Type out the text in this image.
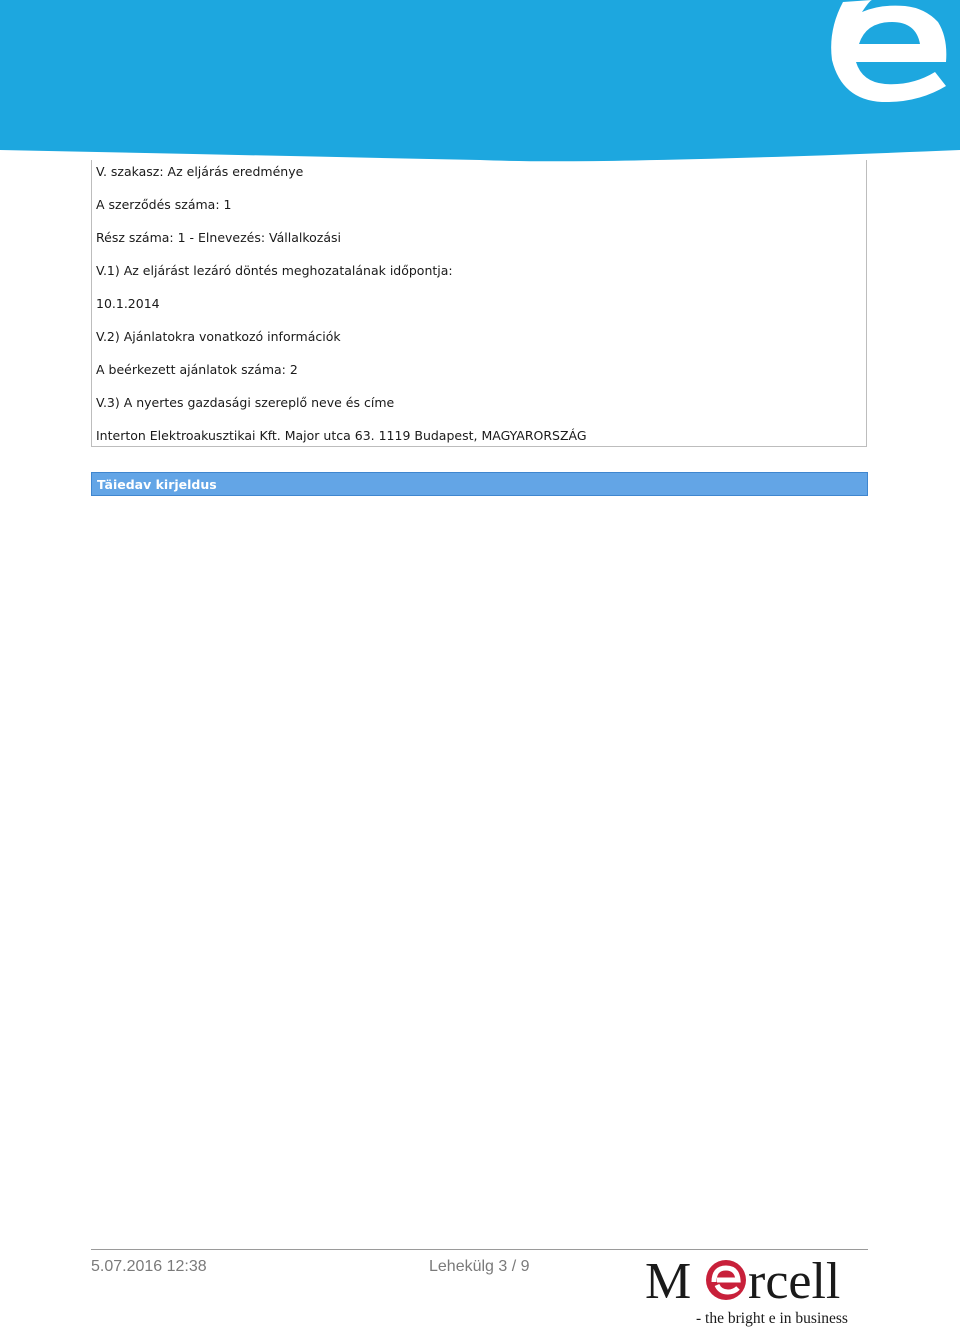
V. szakasz: Az eljárás eredménye
A szerződés száma: 1
Rész száma: 1 - Elnevezés: Vállalkozási
V.1) Az eljárást lezáró döntés meghozatalának időpontja:
10.1.2014
V.2) Ajánlatokra vonatkozó információk
A beérkezett ajánlatok száma: 2
V.3) A nyertes gazdasági szereplő neve és címe
Interton Elektroakusztikai Kft. Major utca 63. 1119 Budapest, MAGYARORSZÁG
Täiedav kirjeldus
5.07.2016 12:38	Lehekülg 3 / 9 M rcell
- the bright e in business
